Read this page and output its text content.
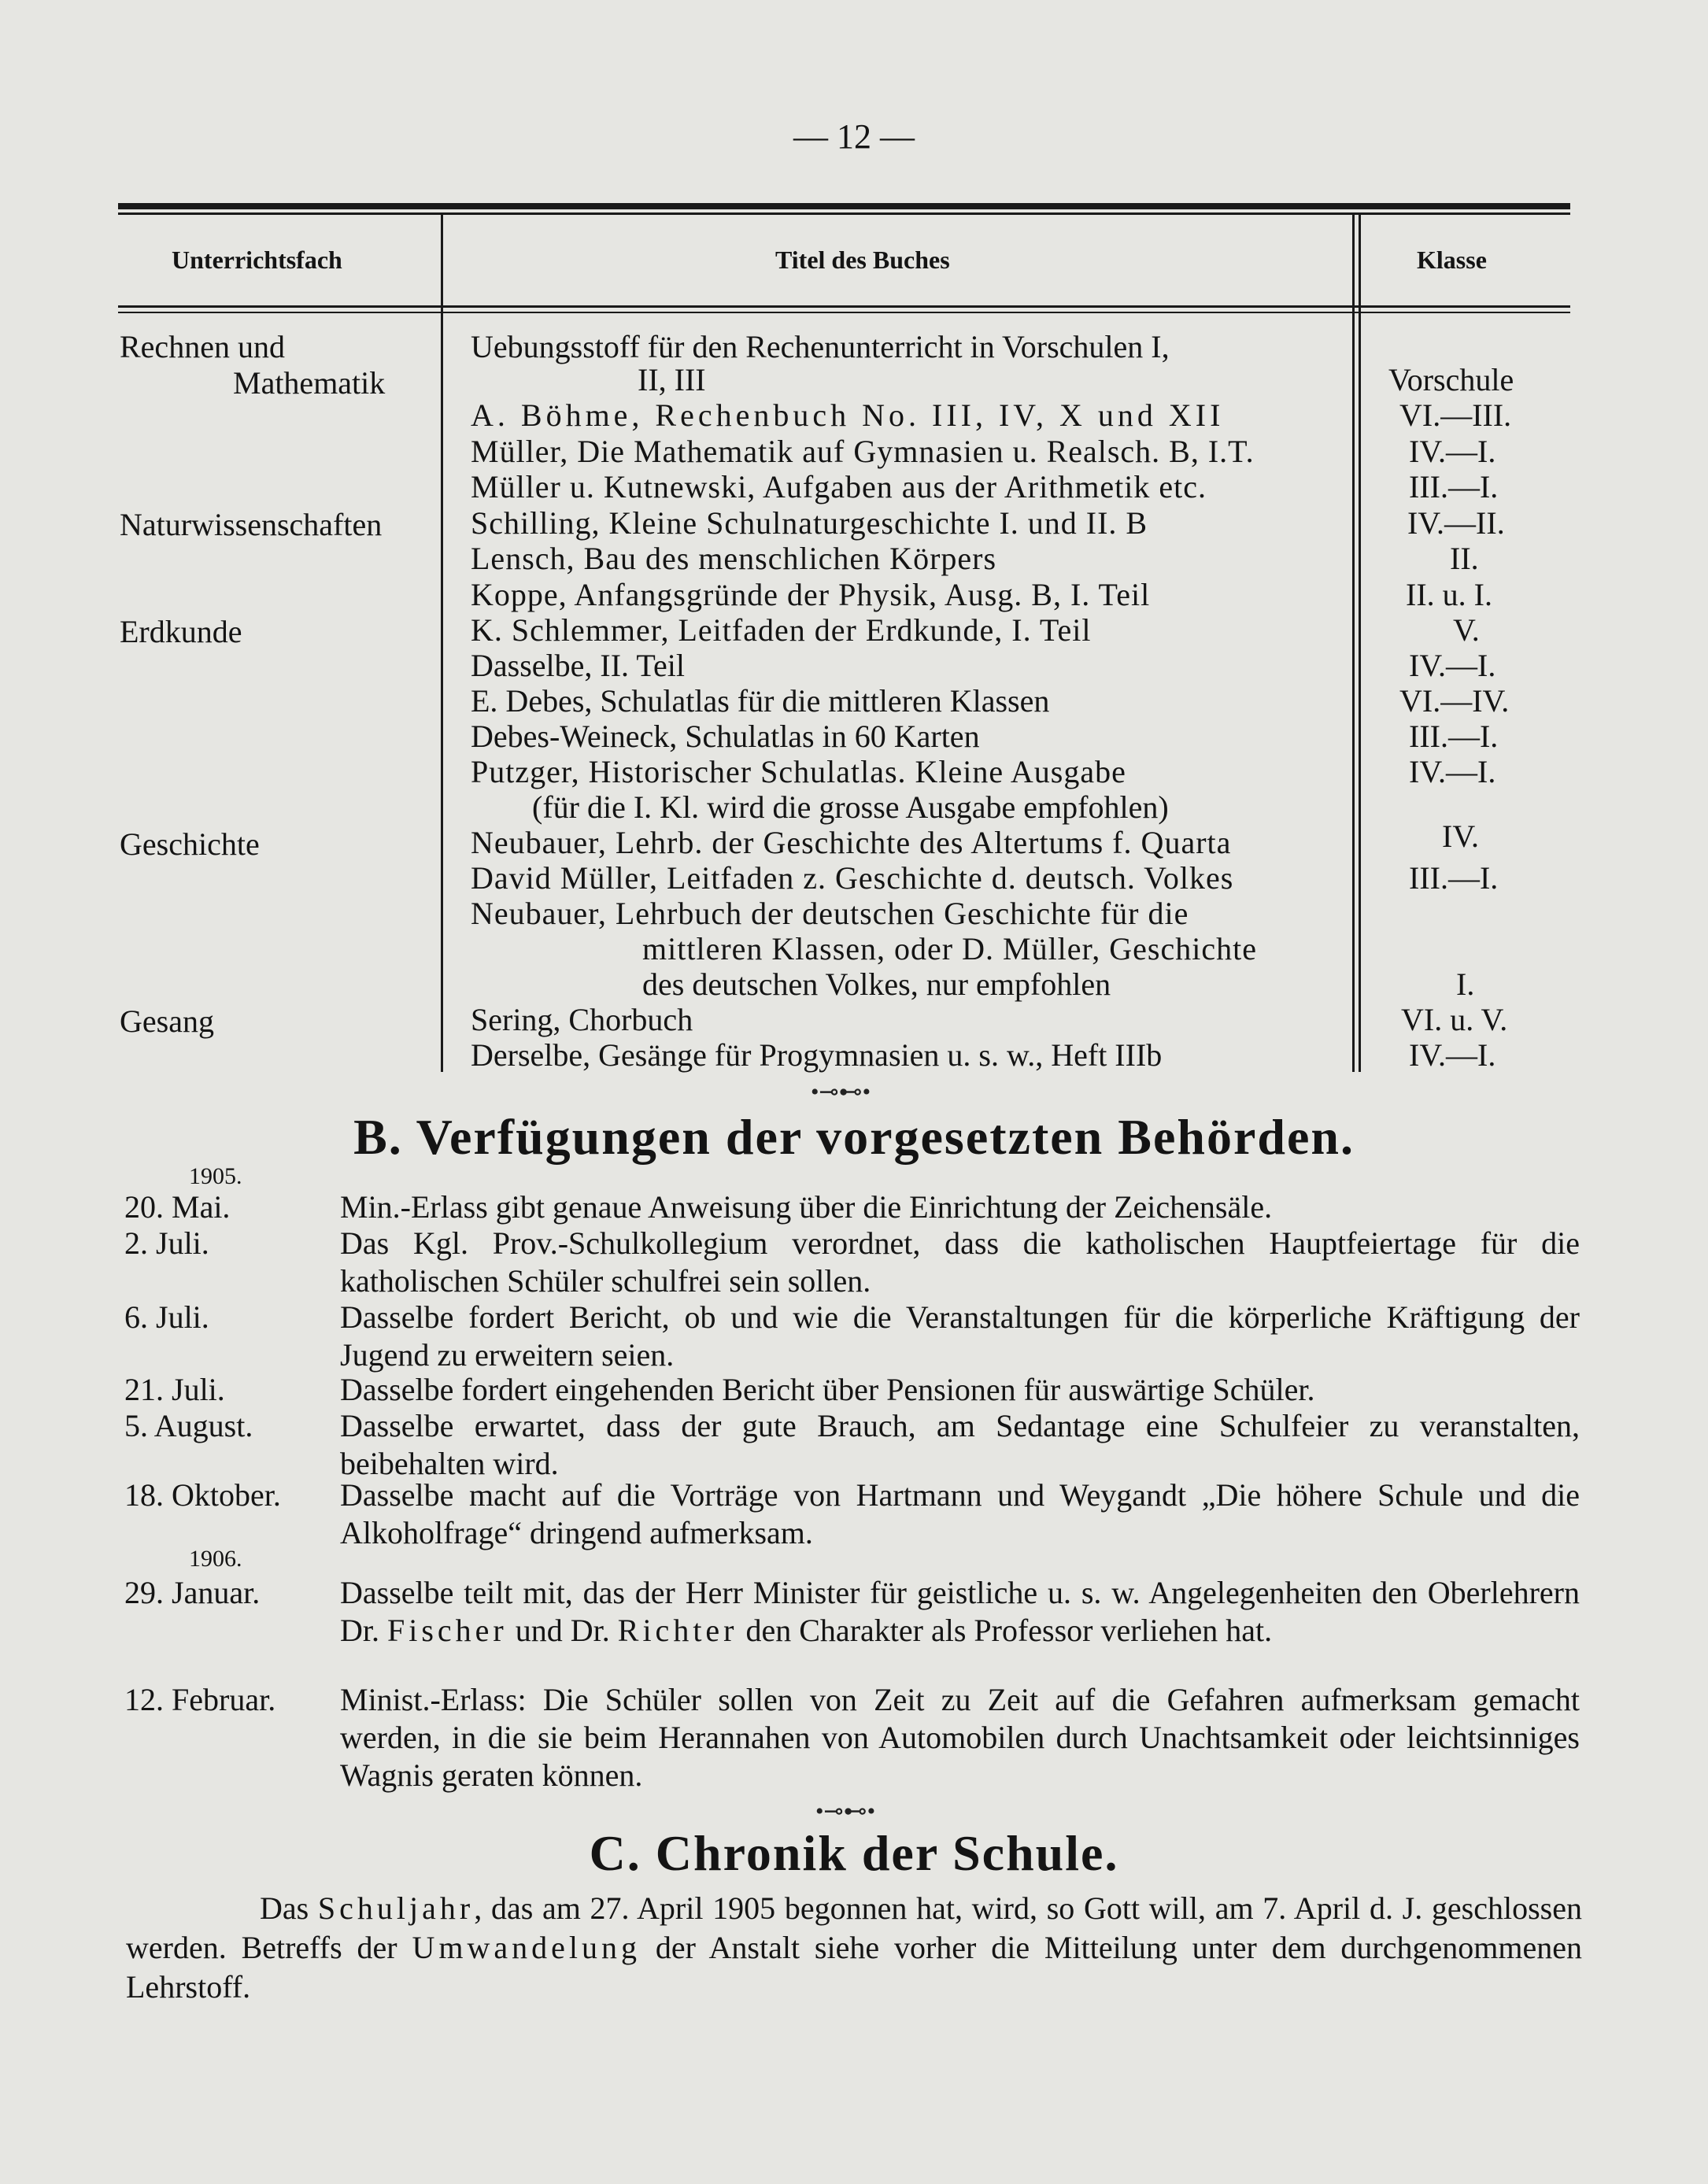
— 12 —
Unterrichtsfach	Titel des Buches	Klasse
Rechnen und	Uebungsstoff für den Rechenunterricht in Vorschulen I,
Mathematik	II, III	Vorschule
A. Böhme, Rechenbuch No. III, IV, X und XII	VI.—III.
Müller, Die Mathematik auf Gymnasien u. Realsch. B, I.T.	IV.—I.
Müller u. Kutnewski, Aufgaben aus der Arithmetik etc.	III.—I.
Naturwissenschaften	Schilling, Kleine Schulnaturgeschichte I. und II. B	IV.—II.
Lensch, Bau des menschlichen Körpers	II.
Koppe, Anfangsgründe der Physik, Ausg. B, I. Teil	II. u. I.
Erdkunde	K. Schlemmer, Leitfaden der Erdkunde, I. Teil	V.
Dasselbe, II. Teil	IV.—I.
E. Debes, Schulatlas für die mittleren Klassen	VI.—IV.
Debes-Weineck, Schulatlas in 60 Karten	III.—I.
Putzger, Historischer Schulatlas. Kleine Ausgabe	IV.—I.
(für die I. Kl. wird die grosse Ausgabe empfohlen)
Geschichte	Neubauer, Lehrb. der Geschichte des Altertums f. Quarta	IV.
David Müller, Leitfaden z. Geschichte d. deutsch. Volkes	III.—I.
Neubauer, Lehrbuch der deutschen Geschichte für die
mittleren Klassen, oder D. Müller, Geschichte
des deutschen Volkes, nur empfohlen	I.
Gesang	Sering, Chorbuch	VI. u. V.
Derselbe, Gesänge für Progymnasien u. s. w., Heft IIIb	IV.—I.
•⊸⊷•
B. Verfügungen der vorgesetzten Behörden.
1905.
20. Mai.	Min.-Erlass gibt genaue Anweisung über die Einrichtung der Zeichensäle.
2. Juli.	Das Kgl. Prov.-Schulkollegium verordnet, dass die katholischen Hauptfeiertage für die katholischen Schüler schulfrei sein sollen.
6. Juli.	Dasselbe fordert Bericht, ob und wie die Veranstaltungen für die körperliche Kräftigung der Jugend zu erweitern seien.
21. Juli.	Dasselbe fordert eingehenden Bericht über Pensionen für auswärtige Schüler.
5. August.	Dasselbe erwartet, dass der gute Brauch, am Sedantage eine Schulfeier zu veranstalten, beibehalten wird.
18. Oktober. Dasselbe macht auf die Vorträge von Hartmann und Weygandt „Die höhere Schule und die Alkoholfrage“ dringend aufmerksam.
1906.
29. Januar.	Dasselbe teilt mit, das der Herr Minister für geistliche u. s. w. Angelegenheiten den Oberlehrern Dr. Fischer und Dr. Richter den Charakter als Professor verliehen hat.
12. Februar. Minist.-Erlass: Die Schüler sollen von Zeit zu Zeit auf die Gefahren aufmerksam gemacht werden, in die sie beim Herannahen von Automobilen durch Unachtsamkeit oder leichtsinniges Wagnis geraten können.
•⊸⊷•
C. Chronik der Schule.
Das Schuljahr, das am 27. April 1905 begonnen hat, wird, so Gott will, am 7. April d. J. geschlossen werden. Betreffs der Umwandelung der Anstalt siehe vorher die Mitteilung unter dem durchgenommenen Lehrstoff.
